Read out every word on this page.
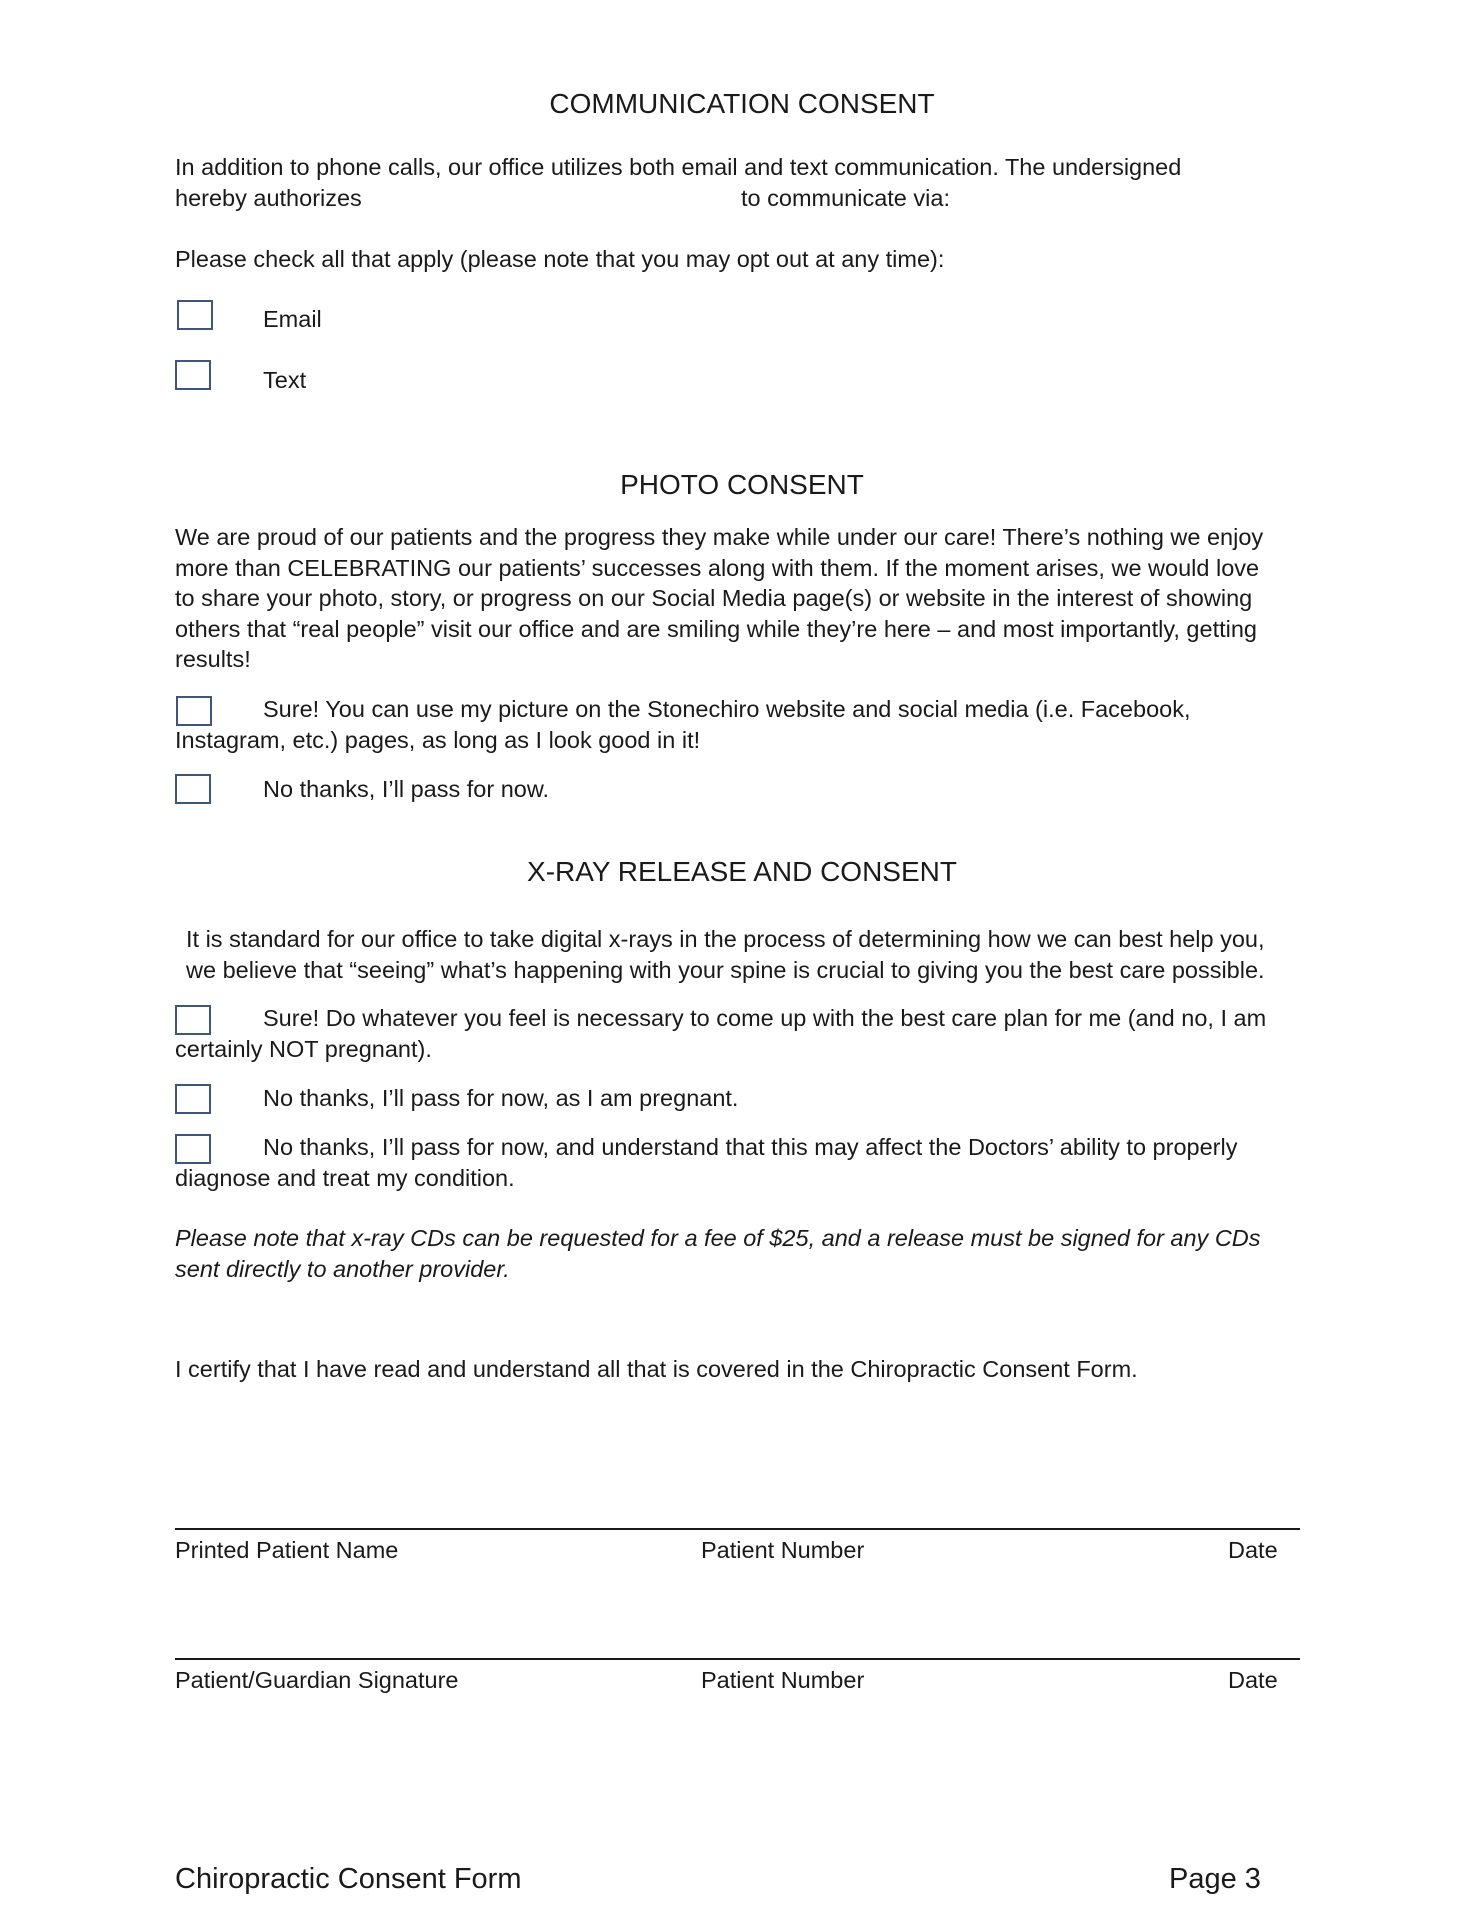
COMMUNICATION CONSENT
In addition to phone calls, our office utilizes both email and text communication. The undersigned
hereby authorizes	to communicate via:
Please check all that apply (please note that you may opt out at any time):
Email
Text
PHOTO CONSENT
We are proud of our patients and the progress they make while under our care! There’s nothing we enjoy
more than CELEBRATING our patients’ successes along with them. If the moment arises, we would love
to share your photo, story, or progress on our Social Media page(s) or website in the interest of showing
others that “real people” visit our office and are smiling while they’re here – and most importantly, getting
results!
Sure! You can use my picture on the Stonechiro website and social media (i.e. Facebook,
Instagram, etc.) pages, as long as I look good in it!
No thanks, I’ll pass for now.
X-RAY RELEASE AND CONSENT
It is standard for our office to take digital x-rays in the process of determining how we can best help you,
we believe that “seeing” what’s happening with your spine is crucial to giving you the best care possible.
Sure! Do whatever you feel is necessary to come up with the best care plan for me (and no, I am
certainly NOT pregnant).
No thanks, I’ll pass for now, as I am pregnant.
No thanks, I’ll pass for now, and understand that this may affect the Doctors’ ability to properly
diagnose and treat my condition.
Please note that x-ray CDs can be requested for a fee of $25, and a release must be signed for any CDs
sent directly to another provider.
I certify that I have read and understand all that is covered in the Chiropractic Consent Form.
Printed Patient Name	Patient Number	Date
Patient/Guardian Signature	Patient Number	Date
Chiropractic Consent Form	Page 3
